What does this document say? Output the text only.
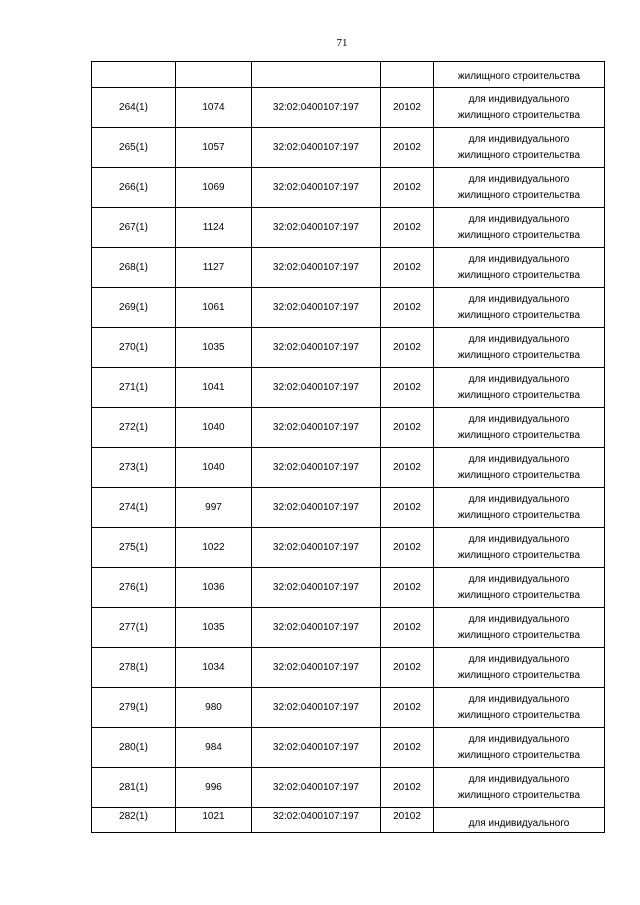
71

				жилищного строительства

264(1)	1074	32:02:0400107:197	20102	для индивидуального
жилищного строительства

265(1)	1057	32:02:0400107:197	20102	для индивидуального
жилищного строительства

266(1)	1069	32:02:0400107:197	20102	для индивидуального
жилищного строительства

267(1)	1124	32:02:0400107:197	20102	для индивидуального
жилищного строительства

268(1)	1127	32:02:0400107:197	20102	для индивидуального
жилищного строительства

269(1)	1061	32:02:0400107:197	20102	для индивидуального
жилищного строительства

270(1)	1035	32:02:0400107:197	20102	для индивидуального
жилищного строительства

271(1)	1041	32:02:0400107:197	20102	для индивидуального
жилищного строительства

272(1)	1040	32:02:0400107:197	20102	для индивидуального
жилищного строительства

273(1)	1040	32:02:0400107:197	20102	для индивидуального
жилищного строительства

274(1)	997	32:02:0400107:197	20102	для индивидуального
жилищного строительства

275(1)	1022	32:02:0400107:197	20102	для индивидуального
жилищного строительства

276(1)	1036	32:02:0400107:197	20102	для индивидуального
жилищного строительства

277(1)	1035	32:02:0400107:197	20102	для индивидуального
жилищного строительства

278(1)	1034	32:02:0400107:197	20102	для индивидуального
жилищного строительства

279(1)	980	32:02:0400107:197	20102	для индивидуального
жилищного строительства

280(1)	984	32:02:0400107:197	20102	для индивидуального
жилищного строительства

281(1)	996	32:02:0400107:197	20102	для индивидуального
жилищного строительства

282(1)	1021	32:02:0400107:197	20102	для индивидуального
